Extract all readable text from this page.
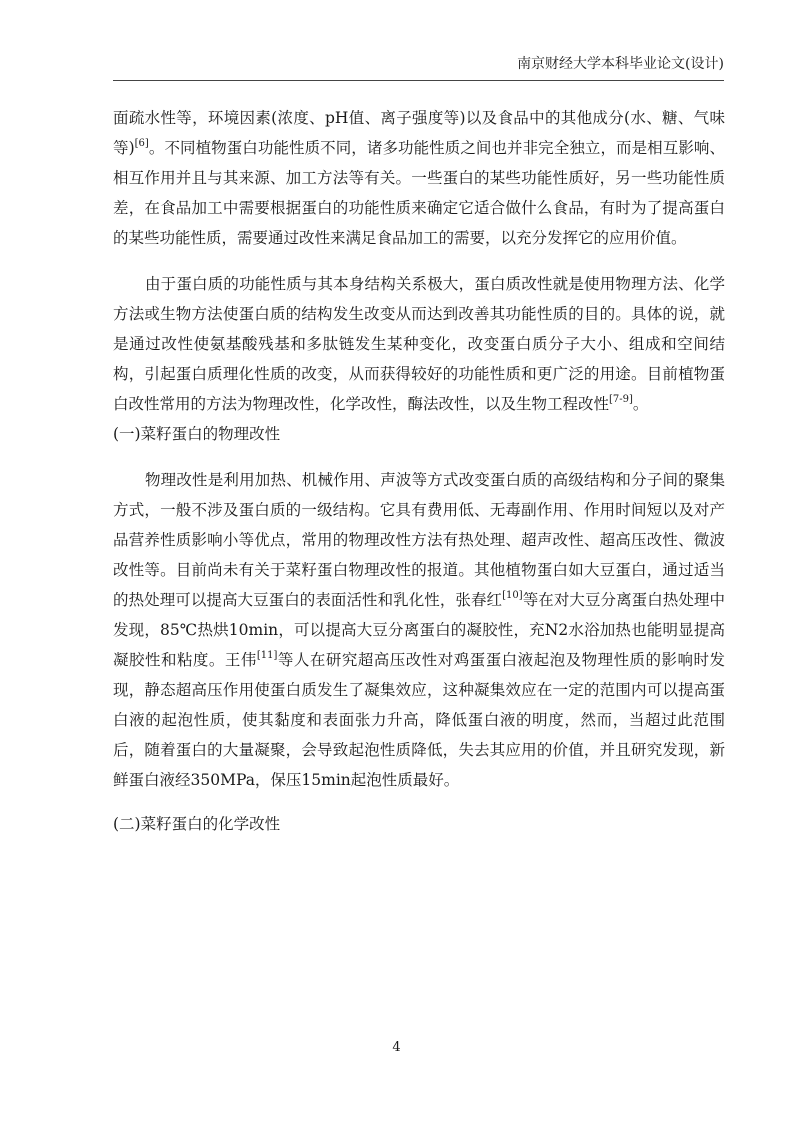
南京财经大学本科毕业论文(设计)

面疏水性等，环境因素(浓度、pH值、离子强度等)以及食品中的其他成分(水、糖、气味等)[6]。不同植物蛋白功能性质不同，诸多功能性质之间也并非完全独立，而是相互影响、相互作用并且与其来源、加工方法等有关。一些蛋白的某些功能性质好，另一些功能性质差，在食品加工中需要根据蛋白的功能性质来确定它适合做什么食品，有时为了提高蛋白的某些功能性质，需要通过改性来满足食品加工的需要，以充分发挥它的应用价值。

由于蛋白质的功能性质与其本身结构关系极大，蛋白质改性就是使用物理方法、化学方法或生物方法使蛋白质的结构发生改变从而达到改善其功能性质的目的。具体的说，就是通过改性使氨基酸残基和多肽链发生某种变化，改变蛋白质分子大小、组成和空间结构，引起蛋白质理化性质的改变，从而获得较好的功能性质和更广泛的用途。目前植物蛋白改性常用的方法为物理改性，化学改性，酶法改性，以及生物工程改性[7-9]。

(一)菜籽蛋白的物理改性

物理改性是利用加热、机械作用、声波等方式改变蛋白质的高级结构和分子间的聚集方式，一般不涉及蛋白质的一级结构。它具有费用低、无毒副作用、作用时间短以及对产品营养性质影响小等优点，常用的物理改性方法有热处理、超声改性、超高压改性、微波改性等。目前尚未有关于菜籽蛋白物理改性的报道。其他植物蛋白如大豆蛋白，通过适当的热处理可以提高大豆蛋白的表面活性和乳化性，张春红[10]等在对大豆分离蛋白热处理中发现，85℃热烘10min，可以提高大豆分离蛋白的凝胶性，充N2水浴加热也能明显提高凝胶性和粘度。王伟[11]等人在研究超高压改性对鸡蛋蛋白液起泡及物理性质的影响时发现，静态超高压作用使蛋白质发生了凝集效应，这种凝集效应在一定的范围内可以提高蛋白液的起泡性质，使其黏度和表面张力升高，降低蛋白液的明度，然而，当超过此范围后，随着蛋白的大量凝聚，会导致起泡性质降低，失去其应用的价值，并且研究发现，新鲜蛋白液经350MPa，保压15min起泡性质最好。

(二)菜籽蛋白的化学改性
4
